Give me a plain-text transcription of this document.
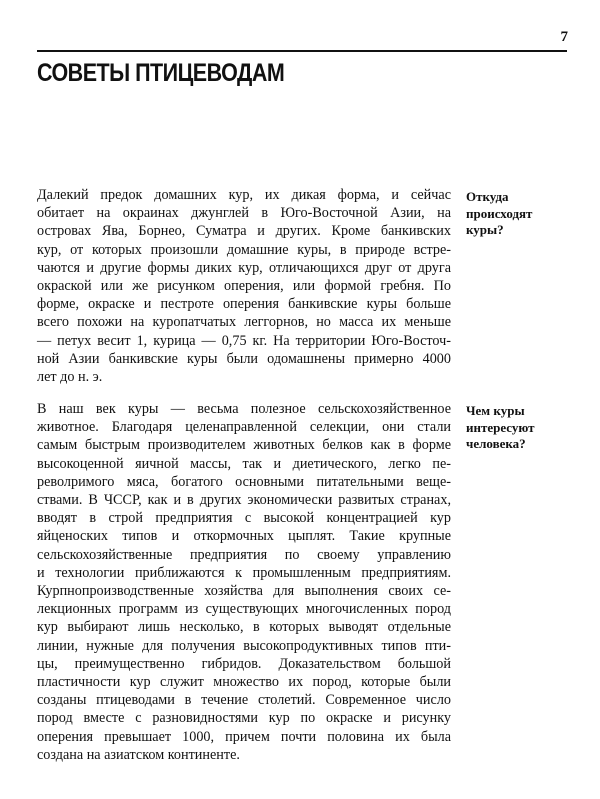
7
СОВЕТЫ ПТИЦЕВОДАМ

Далекий предок домашних кур, их дикая форма, и сейчас
обитает на окраинах джунглей в Юго-Восточной Азии, на
островах Ява, Борнео, Суматра и других. Кроме банкивских
кур, от которых произошли домашние куры, в природе встре-
чаются и другие формы диких кур, отличающихся друг от друга
окраской или же рисунком оперения, или формой гребня. По
форме, окраске и пестроте оперения банкивские куры больше
всего похожи на куропатчатых леггорнов, но масса их меньше
— петух весит 1, курица — 0,75 кг. На территории Юго-Восточ-
ной Азии банкивские куры были одомашнены примерно 4000
лет до н. э.

Откуда
происходят
куры?

В наш век куры — весьма полезное сельскохозяйственное
животное. Благодаря целенаправленной селекции, они стали
самым быстрым производителем животных белков как в форме
высокоценной яичной массы, так и диетического, легко пе-
револримого мяса, богатого основными питательными веще-
ствами. В ЧССР, как и в других экономически развитых странах,
вводят в строй предприятия с высокой концентрацией кур
яйценоских типов и откормочных цыплят. Такие крупные
сельскохозяйственные предприятия по своему управлению
и технологии приближаются к промышленным предприятиям.
Курпнопроизводственные хозяйства для выполнения своих се-
лекционных программ из существующих многочисленных пород
кур выбирают лишь несколько, в которых выводят отдельные
линии, нужные для получения высокопродуктивных типов пти-
цы, преимущественно гибридов. Доказательством большой
пластичности кур служит множество их пород, которые были
созданы птицеводами в течение столетий. Современное число
пород вместе с разновидностями кур по окраске и рисунку
оперения превышает 1000, причем почти половина их была
создана на азиатском континенте.

Чем куры
интересуют
человека?
